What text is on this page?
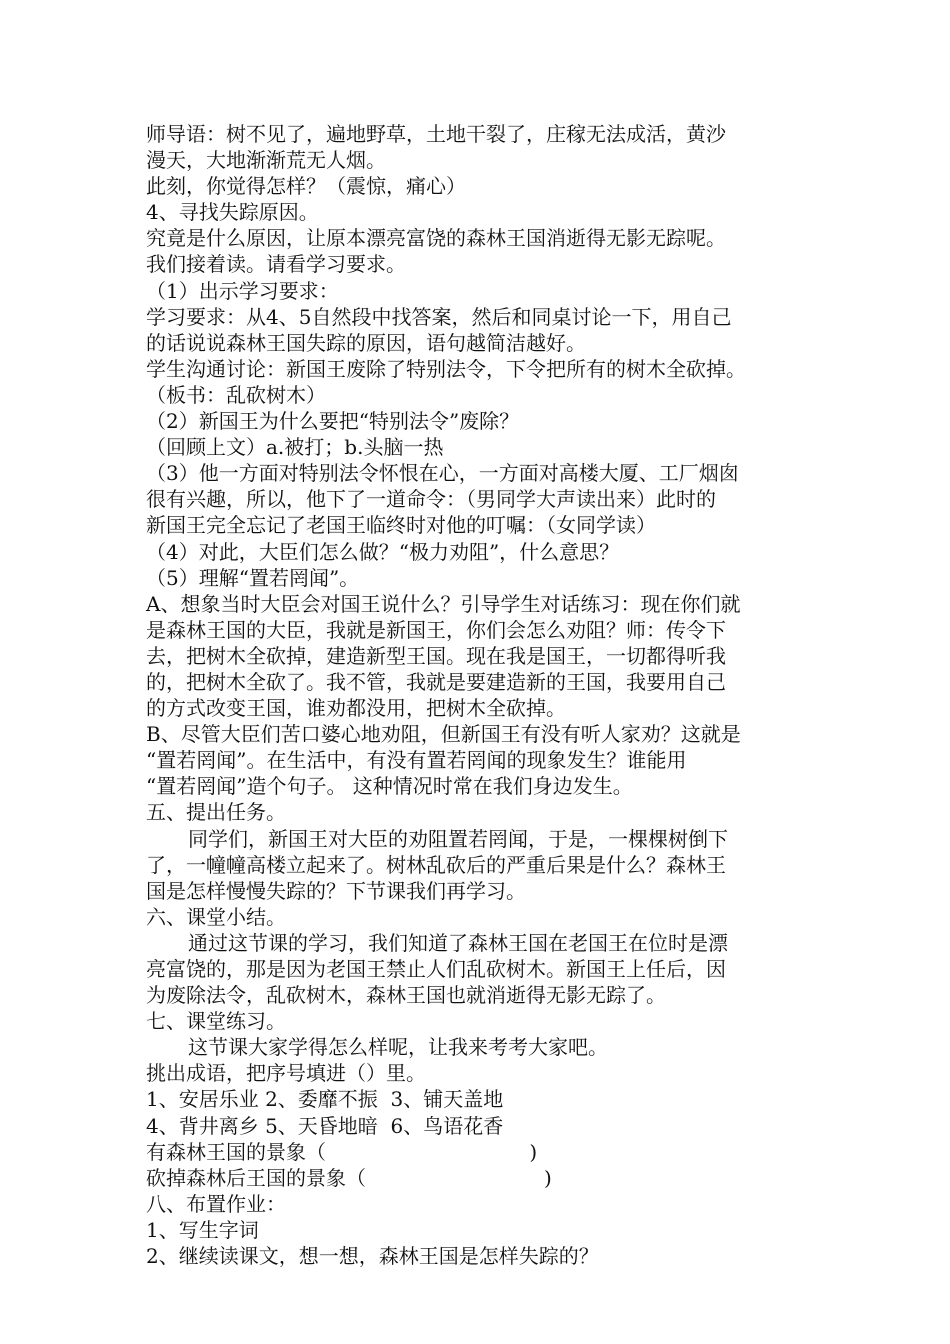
师导语：树不见了，遍地野草，土地干裂了，庄稼无法成活，黄沙

漫天，大地渐渐荒无人烟。

此刻，你觉得怎样？（震惊，痛心）

4、寻找失踪原因。

究竟是什么原因，让原本漂亮富饶的森林王国消逝得无影无踪呢。

我们接着读。请看学习要求。

（1）出示学习要求：

学习要求：从4、5自然段中找答案，然后和同桌讨论一下，用自己

的话说说森林王国失踪的原因，语句越简洁越好。

学生沟通讨论：新国王废除了特别法令，下令把所有的树木全砍掉。

（板书：乱砍树木）

（2）新国王为什么要把“特别法令”废除？

（回顾上文）a.被打；b.头脑一热

（3）他一方面对特别法令怀恨在心，一方面对高楼大厦、工厂烟囱

很有兴趣，所以，他下了一道命令：（男同学大声读出来）此时的

新国王完全忘记了老国王临终时对他的叮嘱：（女同学读）

（4）对此，大臣们怎么做？“极力劝阻”，什么意思？

（5）理解“置若罔闻”。

A、想象当时大臣会对国王说什么？引导学生对话练习：现在你们就

是森林王国的大臣，我就是新国王，你们会怎么劝阻？师：传令下

去，把树木全砍掉，建造新型王国。现在我是国王，一切都得听我

的，把树木全砍了。我不管，我就是要建造新的王国，我要用自己

的方式改变王国，谁劝都没用，把树木全砍掉。

B、尽管大臣们苦口婆心地劝阻，但新国王有没有听人家劝？这就是

“置若罔闻”。在生活中，有没有置若罔闻的现象发生？谁能用

“置若罔闻”造个句子。 这种情况时常在我们身边发生。

五、提出任务。

同学们，新国王对大臣的劝阻置若罔闻，于是，一棵棵树倒下

了，一幢幢高楼立起来了。树林乱砍后的严重后果是什么？森林王

国是怎样慢慢失踪的？下节课我们再学习。

六、课堂小结。

通过这节课的学习，我们知道了森林王国在老国王在位时是漂

亮富饶的，那是因为老国王禁止人们乱砍树木。新国王上任后，因

为废除法令，乱砍树木，森林王国也就消逝得无影无踪了。

七、课堂练习。

这节课大家学得怎么样呢，让我来考考大家吧。

挑出成语，把序号填进（）里。

1、安居乐业 2、委靡不振  3、铺天盖地

4、背井离乡 5、天昏地暗  6、鸟语花香

有森林王国的景象（                                )

砍掉森林后王国的景象（                            )

八、布置作业：

1、写生字词

2、继续读课文，想一想，森林王国是怎样失踪的？
